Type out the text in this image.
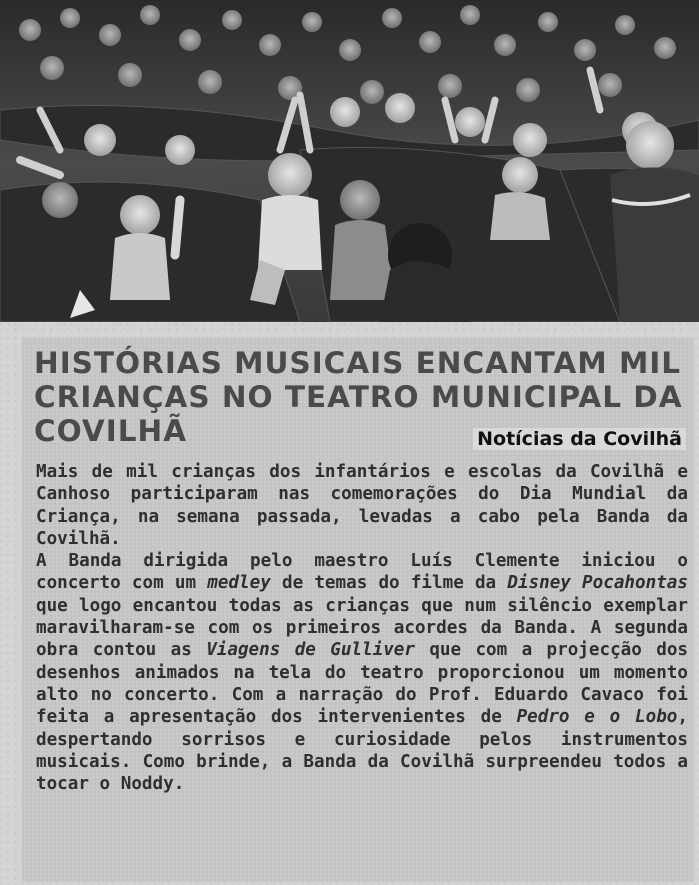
HISTÓRIAS MUSICAIS ENCANTAM MIL CRIANÇAS NO TEATRO MUNICIPAL DA COVILHÃ	Notícias da Covilhã

Mais de mil crianças dos infantários e escolas da Covilhã e Canhoso participaram nas comemorações do Dia Mundial da Criança, na semana passada, levadas a cabo pela Banda da Covilhã.

A Banda dirigida pelo maestro Luís Clemente iniciou o concerto com um medley de temas do filme da Disney Pocahontas que logo encantou todas as crianças que num silêncio exemplar maravilharam-se com os primeiros acordes da Banda. A segunda obra contou as Viagens de Gulliver que com a projecção dos desenhos animados na tela do teatro proporcionou um momento alto no concerto. Com a narração do Prof. Eduardo Cavaco foi feita a apresentação dos intervenientes de Pedro e o Lobo, despertando sorrisos e curiosidade pelos instrumentos musicais. Como brinde, a Banda da Covilhã surpreendeu todos a tocar o Noddy.
